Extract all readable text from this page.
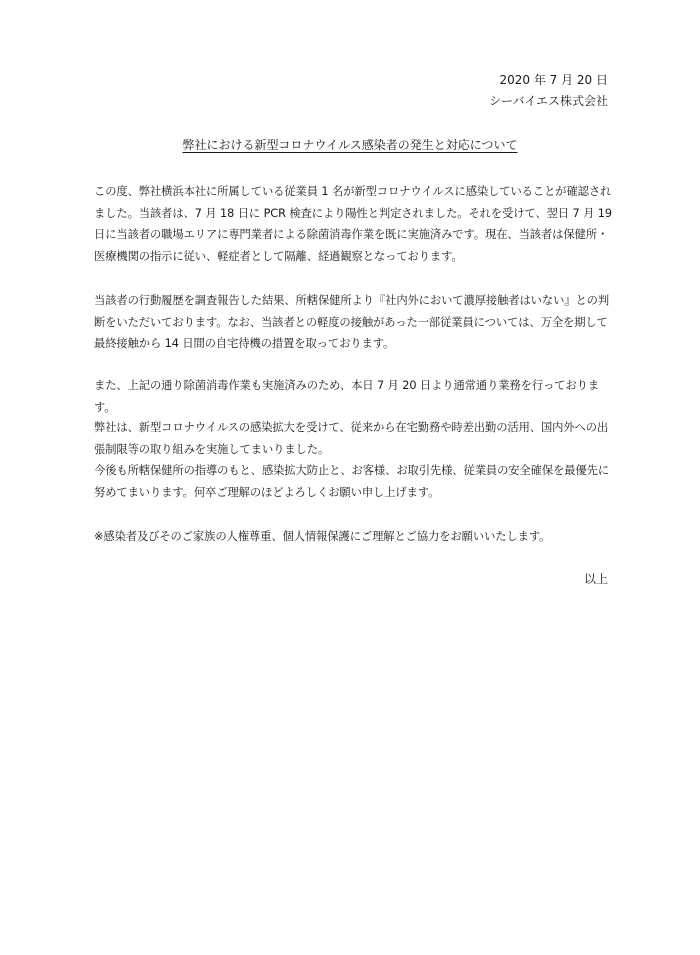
2020 年 7 月 20 日
シーバイエス株式会社
弊社における新型コロナウイルス感染者の発生と対応について

この度、弊社横浜本社に所属している従業員 1 名が新型コロナウイルスに感染していることが確認されました。当該者は、7 月 18 日に PCR 検査により陽性と判定されました。それを受けて、翌日 7 月 19 日に当該者の職場エリアに専門業者による除菌消毒作業を既に実施済みです。現在、当該者は保健所・医療機関の指示に従い、軽症者として隔離、経過観察となっております。

当該者の行動履歴を調査報告した結果、所轄保健所より『社内外において濃厚接触者はいない』との判断をいただいております。なお、当該者との軽度の接触があった一部従業員については、万全を期して最終接触から 14 日間の自宅待機の措置を取っております。

また、上記の通り除菌消毒作業も実施済みのため、本日 7 月 20 日より通常通り業務を行っております。

弊社は、新型コロナウイルスの感染拡大を受けて、従来から在宅勤務や時差出勤の活用、国内外への出張制限等の取り組みを実施してまいりました。
今後も所轄保健所の指導のもと、感染拡大防止と、お客様、お取引先様、従業員の安全確保を最優先に努めてまいります。何卒ご理解のほどよろしくお願い申し上げます。

※感染者及びそのご家族の人権尊重、個人情報保護にご理解とご協力をお願いいたします。

以上
